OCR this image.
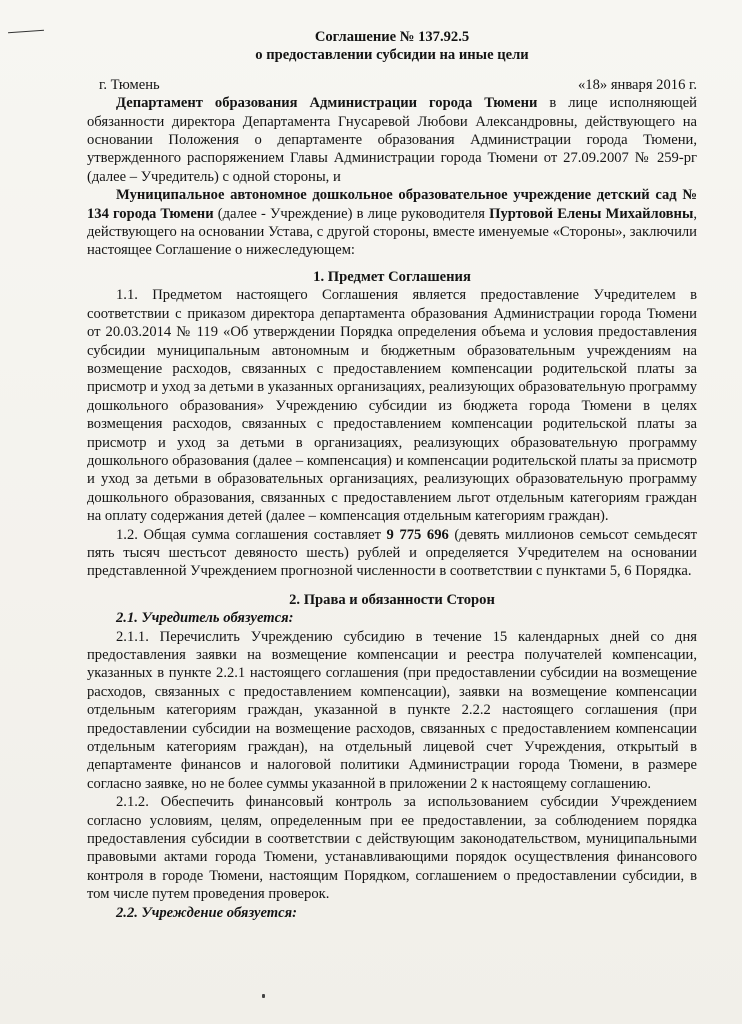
Соглашение № 137.92.5

о предоставлении субсидии на иные цели

г. Тюмень	«18» января 2016 г.

Департамент образования Администрации города Тюмени в лице исполняющей обязанности директора Департамента Гнусаревой Любови Александровны, действующего на основании Положения о департаменте образования Администрации города Тюмени, утвержденного распоряжением Главы Администрации города Тюмени от 27.09.2007 № 259-рг (далее – Учредитель) с одной стороны, и

Муниципальное автономное дошкольное образовательное учреждение детский сад № 134 города Тюмени (далее - Учреждение) в лице руководителя Пуртовой Елены Михайловны, действующего на основании Устава, с другой стороны, вместе именуемые «Стороны», заключили настоящее Соглашение о нижеследующем:

1. Предмет Соглашения

1.1. Предметом настоящего Соглашения является предоставление Учредителем в соответствии с приказом директора департамента образования Администрации города Тюмени от 20.03.2014 № 119 «Об утверждении Порядка определения объема и условия предоставления субсидии муниципальным автономным и бюджетным образовательным учреждениям на возмещение расходов, связанных с предоставлением компенсации родительской платы за присмотр и уход за детьми в указанных организациях, реализующих образовательную программу дошкольного образования» Учреждению субсидии из бюджета города Тюмени в целях возмещения расходов, связанных с предоставлением компенсации родительской платы за присмотр и уход за детьми в организациях, реализующих образовательную программу дошкольного образования (далее – компенсация) и компенсации родительской платы за присмотр и уход за детьми в образовательных организациях, реализующих образовательную программу дошкольного образования, связанных с предоставлением льгот отдельным категориям граждан на оплату содержания детей (далее – компенсация отдельным категориям граждан).

1.2. Общая сумма соглашения составляет 9 775 696 (девять миллионов семьсот семьдесят пять тысяч шестьсот девяносто шесть) рублей и определяется Учредителем на основании представленной Учреждением прогнозной численности в соответствии с пунктами 5, 6 Порядка.

2. Права и обязанности Сторон

2.1. Учредитель обязуется:

2.1.1. Перечислить Учреждению субсидию в течение 15 календарных дней со дня предоставления заявки на возмещение компенсации и реестра получателей компенсации, указанных в пункте 2.2.1 настоящего соглашения (при предоставлении субсидии на возмещение расходов, связанных с предоставлением компенсации), заявки на возмещение компенсации отдельным категориям граждан, указанной в пункте 2.2.2 настоящего соглашения (при предоставлении субсидии на возмещение расходов, связанных с предоставлением компенсации отдельным категориям граждан), на отдельный лицевой счет Учреждения, открытый в департаменте финансов и налоговой политики Администрации города Тюмени, в размере согласно заявке, но не более суммы указанной в приложении 2 к настоящему соглашению.

2.1.2. Обеспечить финансовый контроль за использованием субсидии Учреждением согласно условиям, целям, определенным при ее предоставлении, за соблюдением порядка предоставления субсидии в соответствии с действующим законодательством, муниципальными правовыми актами города Тюмени, устанавливающими порядок осуществления финансового контроля в городе Тюмени, настоящим Порядком, соглашением о предоставлении субсидии, в том числе путем проведения проверок.

2.2. Учреждение обязуется:
